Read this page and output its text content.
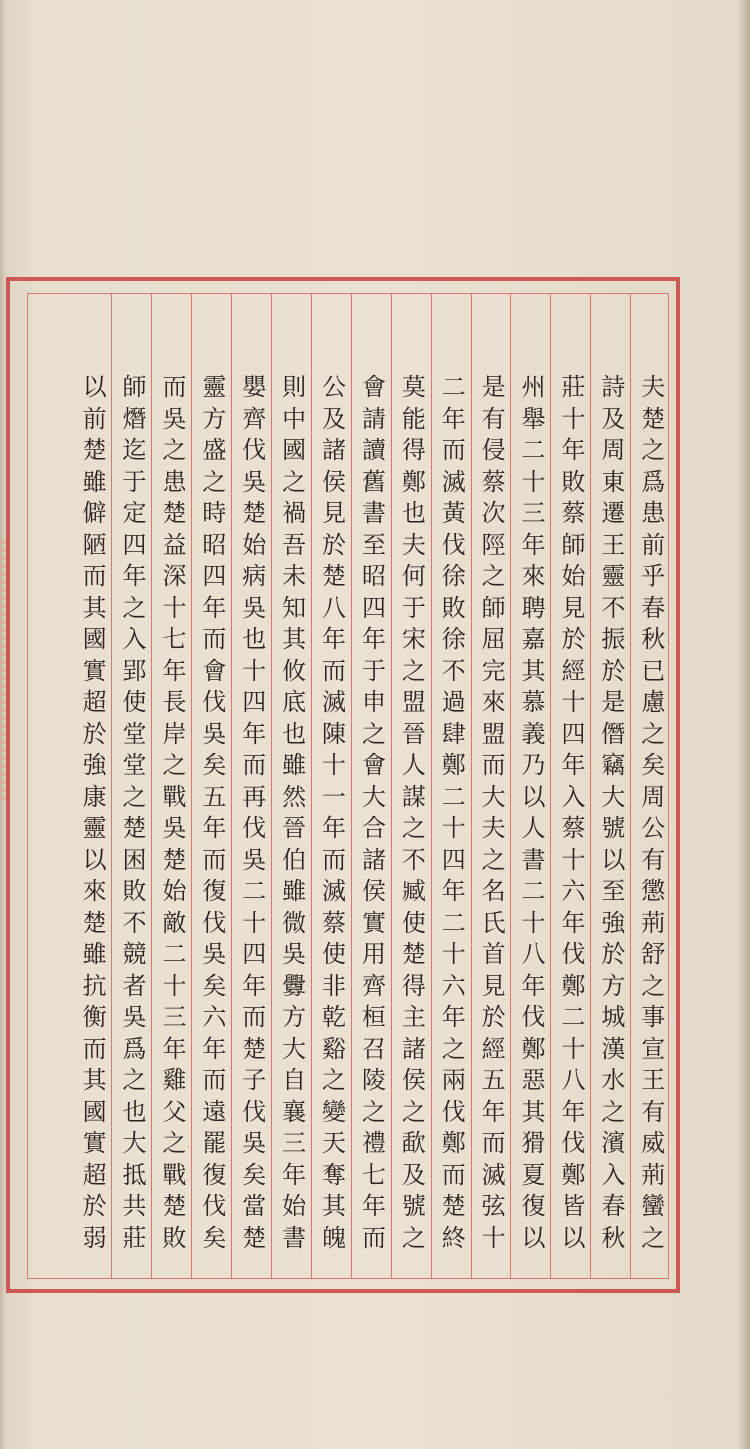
夫
楚
之
爲
患
前
乎
春
秋
已
慮
之
矣
周
公
有
懲
荊
舒
之
事
宣
王
有
威
荊
蠻
之
詩
及
周
東
遷
王
靈
不
振
於
是
僭
竊
大
號
以
至
強
於
方
城
漢
水
之
濱
入
春
秋
莊
十
年
敗
蔡
師
始
見
於
經
十
四
年
入
蔡
十
六
年
伐
鄭
二
十
八
年
伐
鄭
皆
以
州
舉
二
十
三
年
來
聘
嘉
其
慕
義
乃
以
人
書
二
十
八
年
伐
鄭
惡
其
猾
夏
復
以
是
有
侵
蔡
次
陘
之
師
屈
完
來
盟
而
大
夫
之
名
氏
首
見
於
經
五
年
而
滅
弦
十
二
年
而
滅
黃
伐
徐
敗
徐
不
過
肆
鄭
二
十
四
年
二
十
六
年
之
兩
伐
鄭
而
楚
終
莫
能
得
鄭
也
夫
何
于
宋
之
盟
晉
人
謀
之
不
臧
使
楚
得
主
諸
侯
之
歃
及
號
之
會
請
讀
舊
書
至
昭
四
年
于
申
之
會
大
合
諸
侯
實
用
齊
桓
召
陵
之
禮
七
年
而
公
及
諸
侯
見
於
楚
八
年
而
滅
陳
十
一
年
而
滅
蔡
使
非
乾
谿
之
變
天
奪
其
魄
則
中
國
之
禍
吾
未
知
其
攸
底
也
雖
然
晉
伯
雖
微
吳
釁
方
大
自
襄
三
年
始
書
嬰
齊
伐
吳
楚
始
病
吳
也
十
四
年
而
再
伐
吳
二
十
四
年
而
楚
子
伐
吳
矣
當
楚
靈
方
盛
之
時
昭
四
年
而
會
伐
吳
矣
五
年
而
復
伐
吳
矣
六
年
而
遠
罷
復
伐
矣
而
吳
之
患
楚
益
深
十
七
年
長
岸
之
戰
吳
楚
始
敵
二
十
三
年
雞
父
之
戰
楚
敗
師
熸
迄
于
定
四
年
之
入
郢
使
堂
堂
之
楚
困
敗
不
競
者
吳
爲
之
也
大
抵
共
莊
以
前
楚
雖
僻
陋
而
其
國
實
超
於
強
康
靈
以
來
楚
雖
抗
衡
而
其
國
實
超
於
弱
